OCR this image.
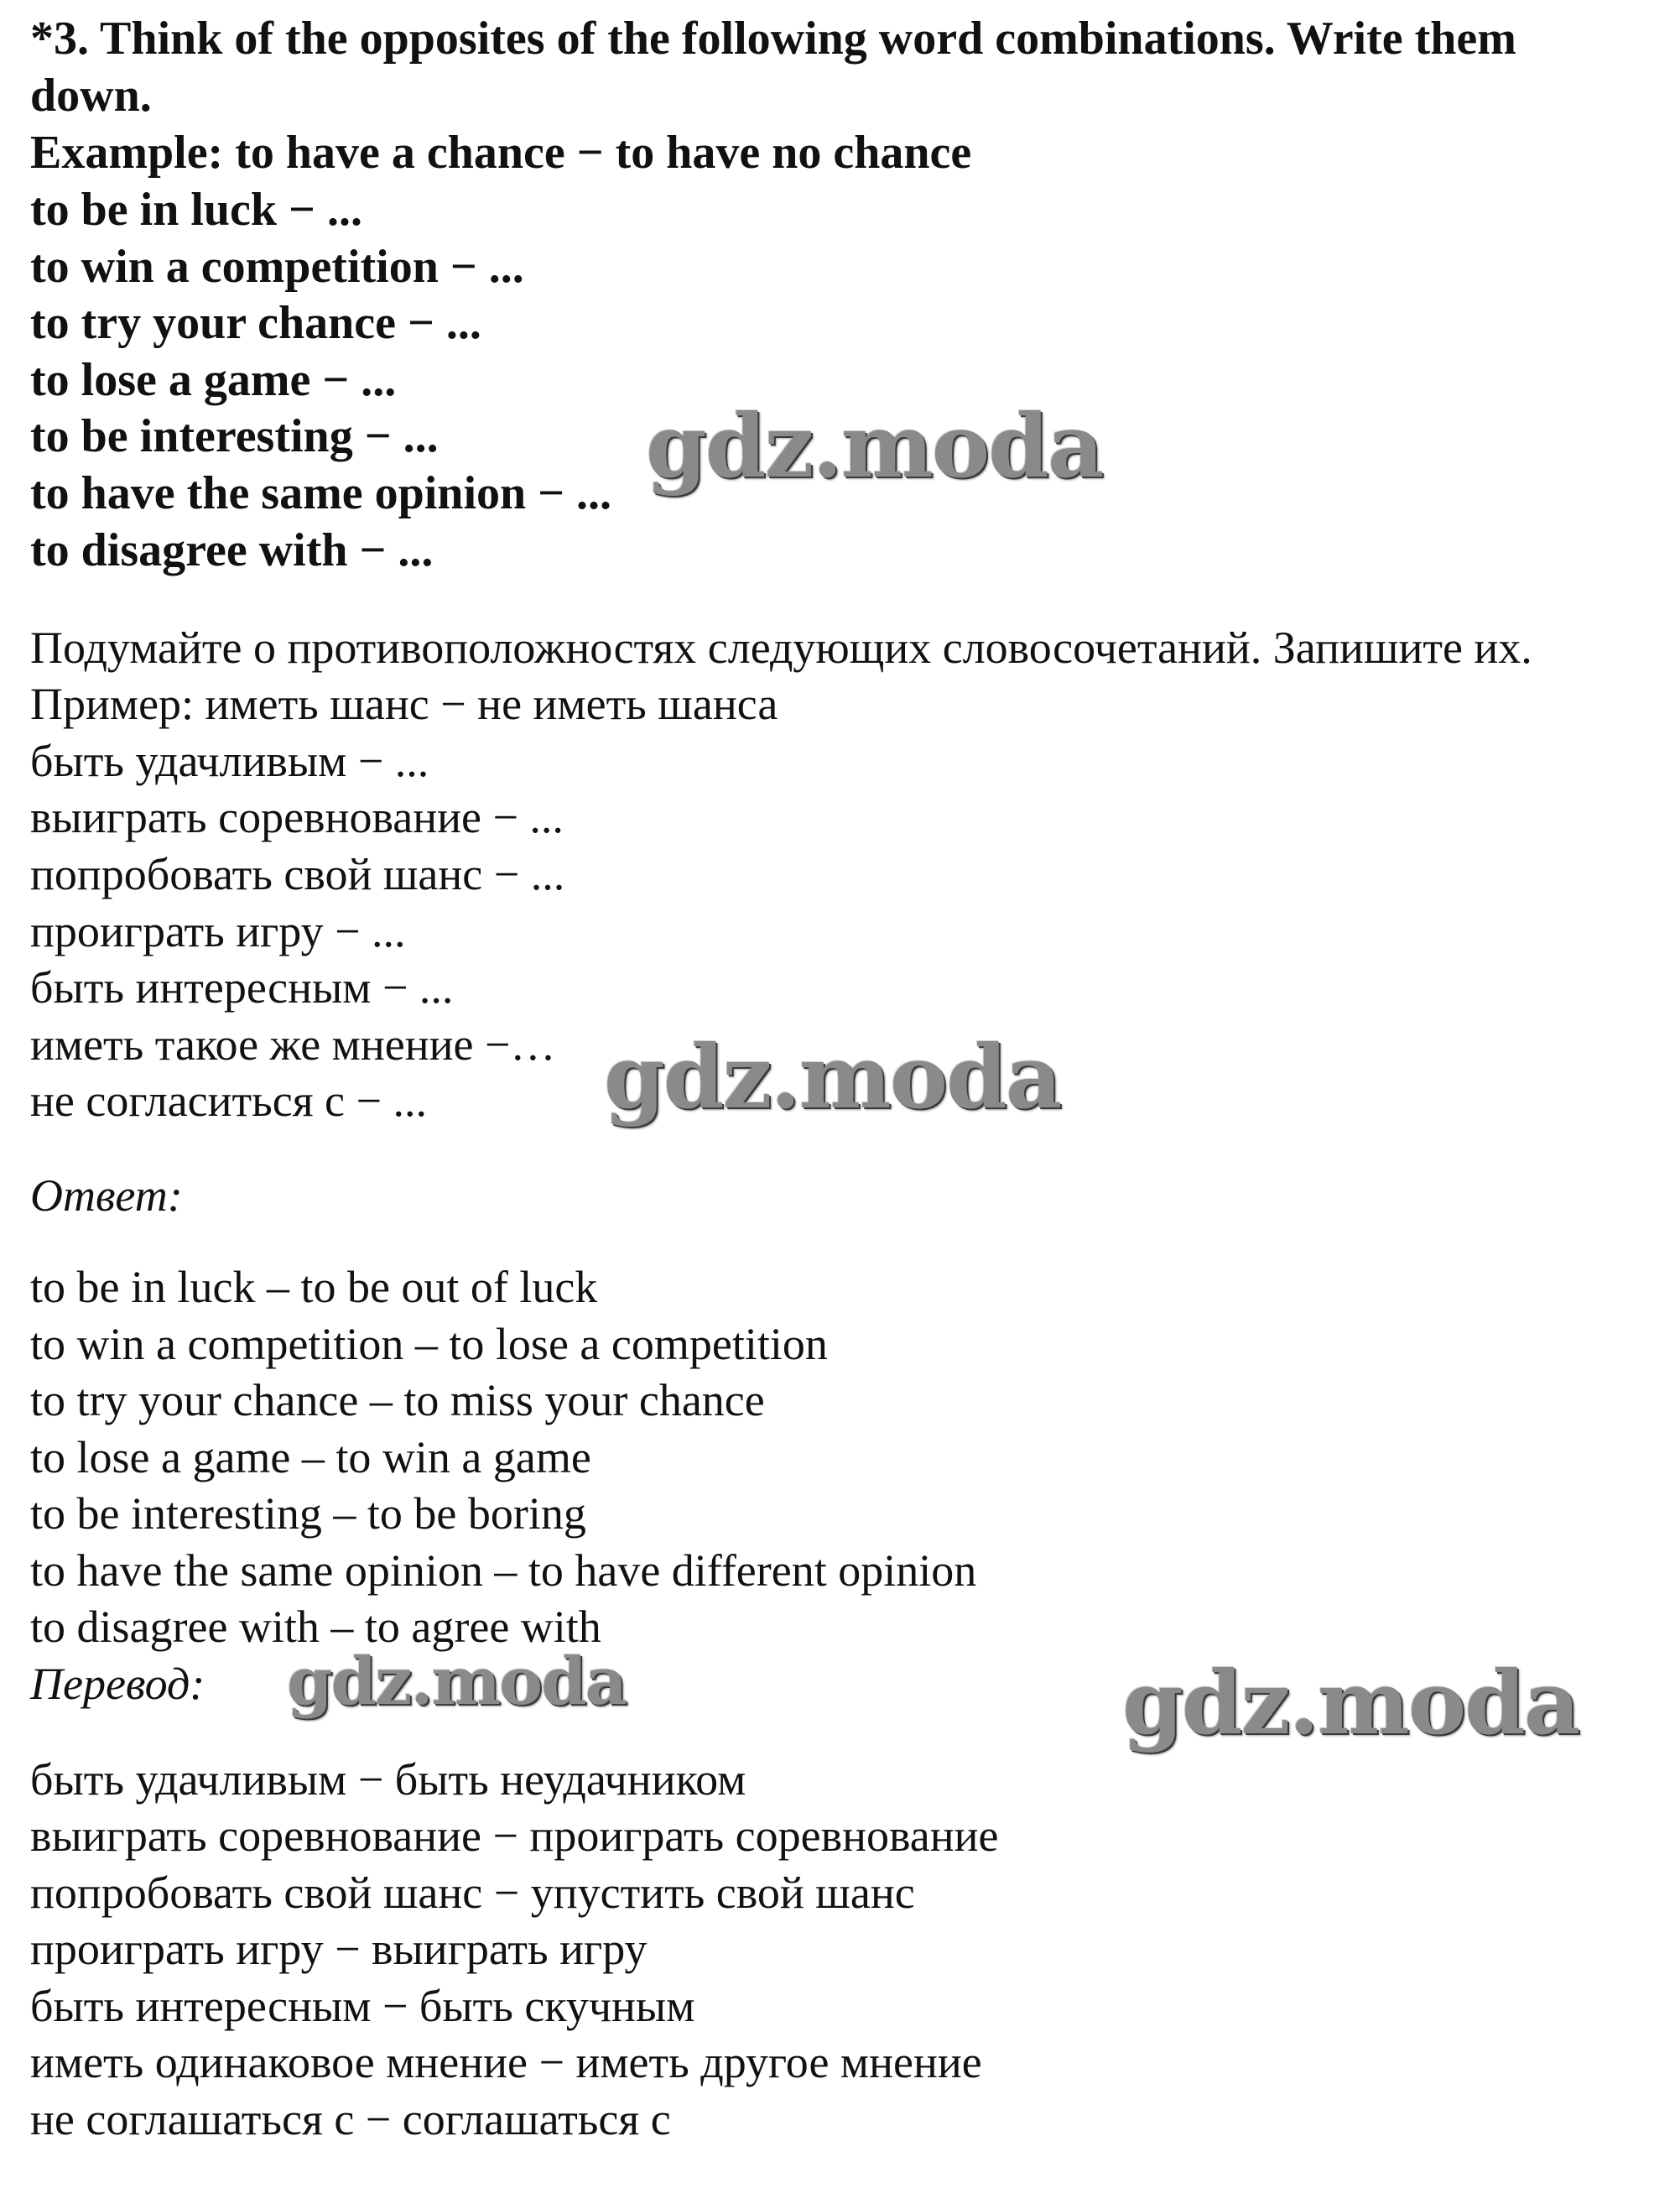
*3. Think of the opposites of the following word combinations. Write them
down.
Example: to have a chance − to have no chance
to be in luck − ...
to win a competition − ...
to try your chance − ...
to lose a game − ...
to be interesting − ...
to have the same opinion − ...
to disagree with − ...
Подумайте о противоположностях следующих словосочетаний. Запишите их.
Пример: иметь шанс − не иметь шанса
быть удачливым − ...
выиграть соревнование − ...
попробовать свой шанс − ...
проиграть игру − ...
быть интересным − ...
иметь такое же мнение −…
не согласиться с − ...
Ответ:
to be in luck – to be out of luck
to win a competition – to lose a competition
to try your chance – to miss your chance
to lose a game – to win a game
to be interesting – to be boring
to have the same opinion – to have different opinion
to disagree with – to agree with
Перевод:
быть удачливым − быть неудачником
выиграть соревнование − проиграть соревнование
попробовать свой шанс − упустить свой шанс
проиграть игру − выиграть игру
быть интересным − быть скучным
иметь одинаковое мнение − иметь другое мнение
не соглашаться с − соглашаться с
gdz.moda
gdz.moda
gdz.moda	gdz.moda
